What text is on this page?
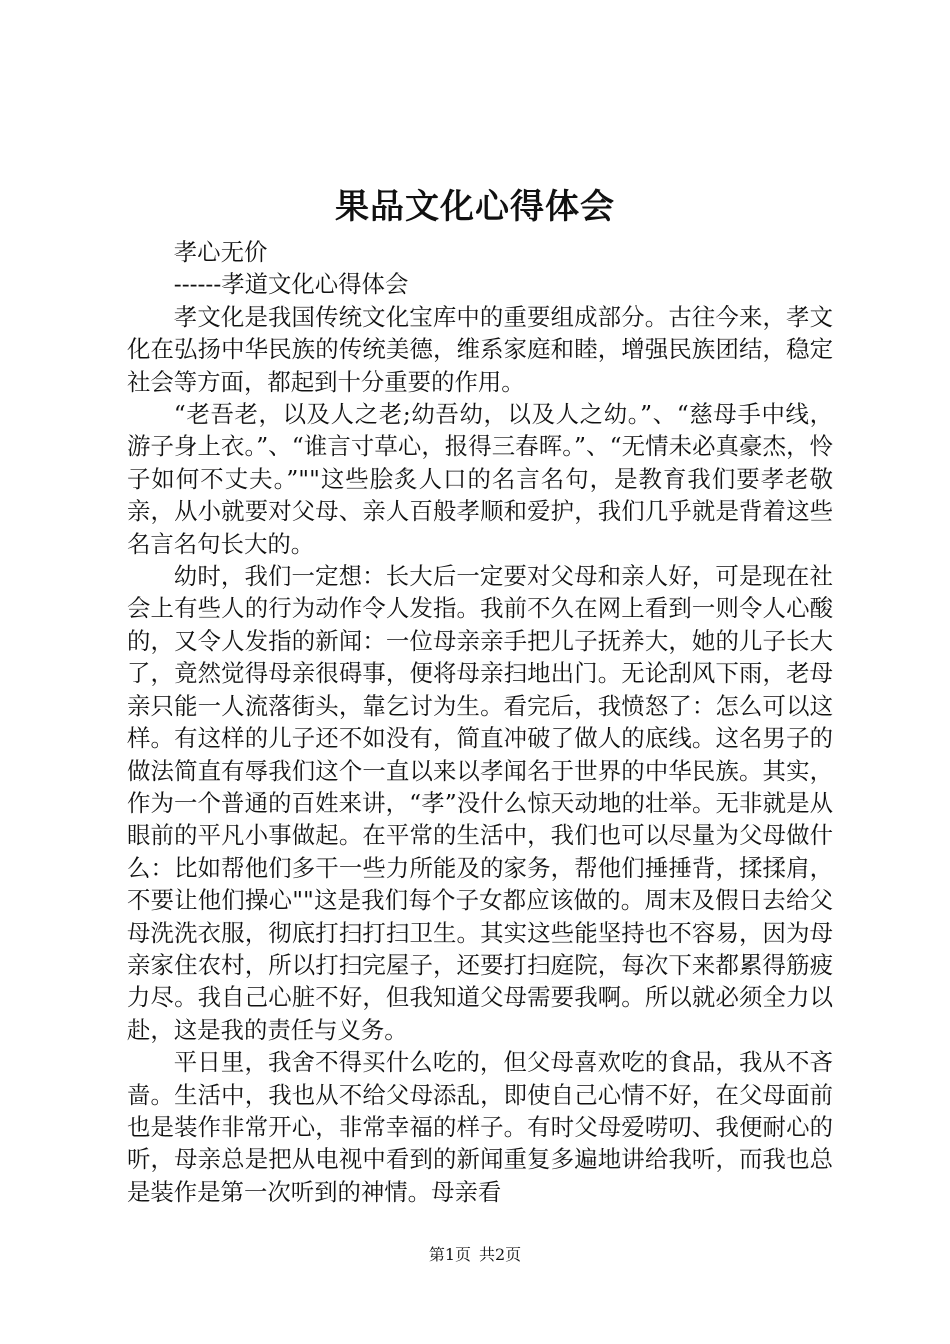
果品文化心得体会

孝心无价

------孝道文化心得体会

孝文化是我国传统文化宝库中的重要组成部分。古往今来，孝文化在弘扬中华民族的传统美德，维系家庭和睦，增强民族团结，稳定社会等方面，都起到十分重要的作用。

“老吾老，以及人之老;幼吾幼，以及人之幼。”、“慈母手中线，游子身上衣。”、“谁言寸草心，报得三春晖。”、“无情未必真豪杰，怜子如何不丈夫。”""这些脍炙人口的名言名句，是教育我们要孝老敬亲，从小就要对父母、亲人百般孝顺和爱护，我们几乎就是背着这些名言名句长大的。

幼时，我们一定想：长大后一定要对父母和亲人好，可是现在社会上有些人的行为动作令人发指。我前不久在网上看到一则令人心酸的，又令人发指的新闻：一位母亲亲手把儿子抚养大，她的儿子长大了，竟然觉得母亲很碍事，便将母亲扫地出门。无论刮风下雨，老母亲只能一人流落街头，靠乞讨为生。看完后，我愤怒了：怎么可以这样。有这样的儿子还不如没有，简直冲破了做人的底线。这名男子的做法简直有辱我们这个一直以来以孝闻名于世界的中华民族。其实，作为一个普通的百姓来讲，“孝”没什么惊天动地的壮举。无非就是从眼前的平凡小事做起。在平常的生活中，我们也可以尽量为父母做什么：比如帮他们多干一些力所能及的家务，帮他们捶捶背，揉揉肩，不要让他们操心""这是我们每个子女都应该做的。周末及假日去给父母洗洗衣服，彻底打扫打扫卫生。其实这些能坚持也不容易，因为母亲家住农村，所以打扫完屋子，还要打扫庭院，每次下来都累得筋疲力尽。我自己心脏不好，但我知道父母需要我啊。所以就必须全力以赴，这是我的责任与义务。

平日里，我舍不得买什么吃的，但父母喜欢吃的食品，我从不吝啬。生活中，我也从不给父母添乱，即使自己心情不好，在父母面前也是装作非常开心，非常幸福的样子。有时父母爱唠叨、我便耐心的听，母亲总是把从电视中看到的新闻重复多遍地讲给我听，而我也总是装作是第一次听到的神情。母亲看

第1页 共2页
